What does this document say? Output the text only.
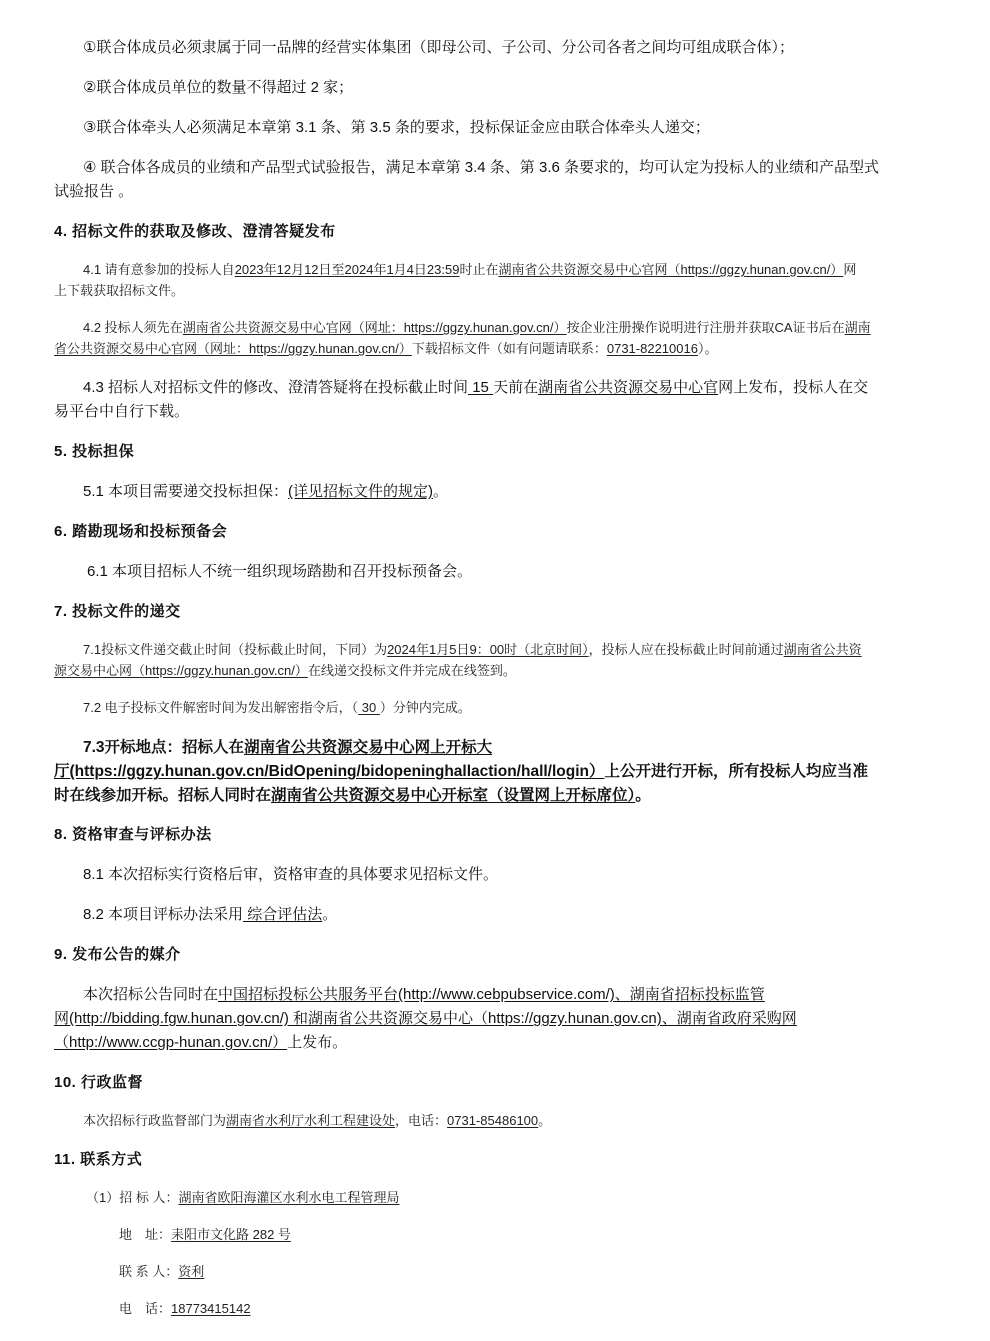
①联合体成员必须隶属于同一品牌的经营实体集团（即母公司、子公司、分公司各者之间均可组成联合体）；
②联合体成员单位的数量不得超过 2 家；
③联合体牵头人必须满足本章第 3.1 条、第 3.5 条的要求，投标保证金应由联合体牵头人递交；
④ 联合体各成员的业绩和产品型式试验报告，满足本章第 3.4 条、第 3.6 条要求的，均可认定为投标人的业绩和产品型式
试验报告 。
4. 招标文件的获取及修改、澄清答疑发布
4.1 请有意参加的投标人自2023年12月12日至2024年1月4日23:59时止在湖南省公共资源交易中心官网（https://ggzy.hunan.gov.cn/）网
上下载获取招标文件。
4.2 投标人须先在湖南省公共资源交易中心官网（网址：https://ggzy.hunan.gov.cn/）按企业注册操作说明进行注册并获取CA证书后在湖南
省公共资源交易中心官网（网址：https://ggzy.hunan.gov.cn/）下载招标文件（如有问题请联系：0731-82210016）。
4.3 招标人对招标文件的修改、澄清答疑将在投标截止时间 15 天前在湖南省公共资源交易中心官网上发布，投标人在交
易平台中自行下载。
5. 投标担保
5.1 本项目需要递交投标担保：(详见招标文件的规定)。
6. 踏勘现场和投标预备会
6.1 本项目招标人不统一组织现场踏勘和召开投标预备会。
7. 投标文件的递交
7.1投标文件递交截止时间（投标截止时间，下同）为2024年1月5日9：00时（北京时间），投标人应在投标截止时间前通过湖南省公共资
源交易中心网（https://ggzy.hunan.gov.cn/）在线递交投标文件并完成在线签到。
7.2 电子投标文件解密时间为发出解密指令后，（ 30 ）分钟内完成。
7.3开标地点：招标人在湖南省公共资源交易中心网上开标大
厅(https://ggzy.hunan.gov.cn/BidOpening/bidopeninghallaction/hall/login）上公开进行开标，所有投标人均应当准
时在线参加开标。招标人同时在湖南省公共资源交易中心开标室（设置网上开标席位）。
8. 资格审查与评标办法
8.1 本次招标实行资格后审，资格审查的具体要求见招标文件。
8.2 本项目评标办法采用 综合评估法。
9. 发布公告的媒介
本次招标公告同时在中国招标投标公共服务平台(http://www.cebpubservice.com/)、湖南省招标投标监管
网(http://bidding.fgw.hunan.gov.cn/) 和湖南省公共资源交易中心（https://ggzy.hunan.gov.cn)、湖南省政府采购网
（http://www.ccgp-hunan.gov.cn/）上发布。
10. 行政监督
本次招标行政监督部门为湖南省水利厅水利工程建设处，电话：0731-85486100。
11. 联系方式
（1）招 标 人：湖南省欧阳海灌区水利水电工程管理局
地　址：耒阳市文化路 282 号
联 系 人：资利
电　话：18773415142
